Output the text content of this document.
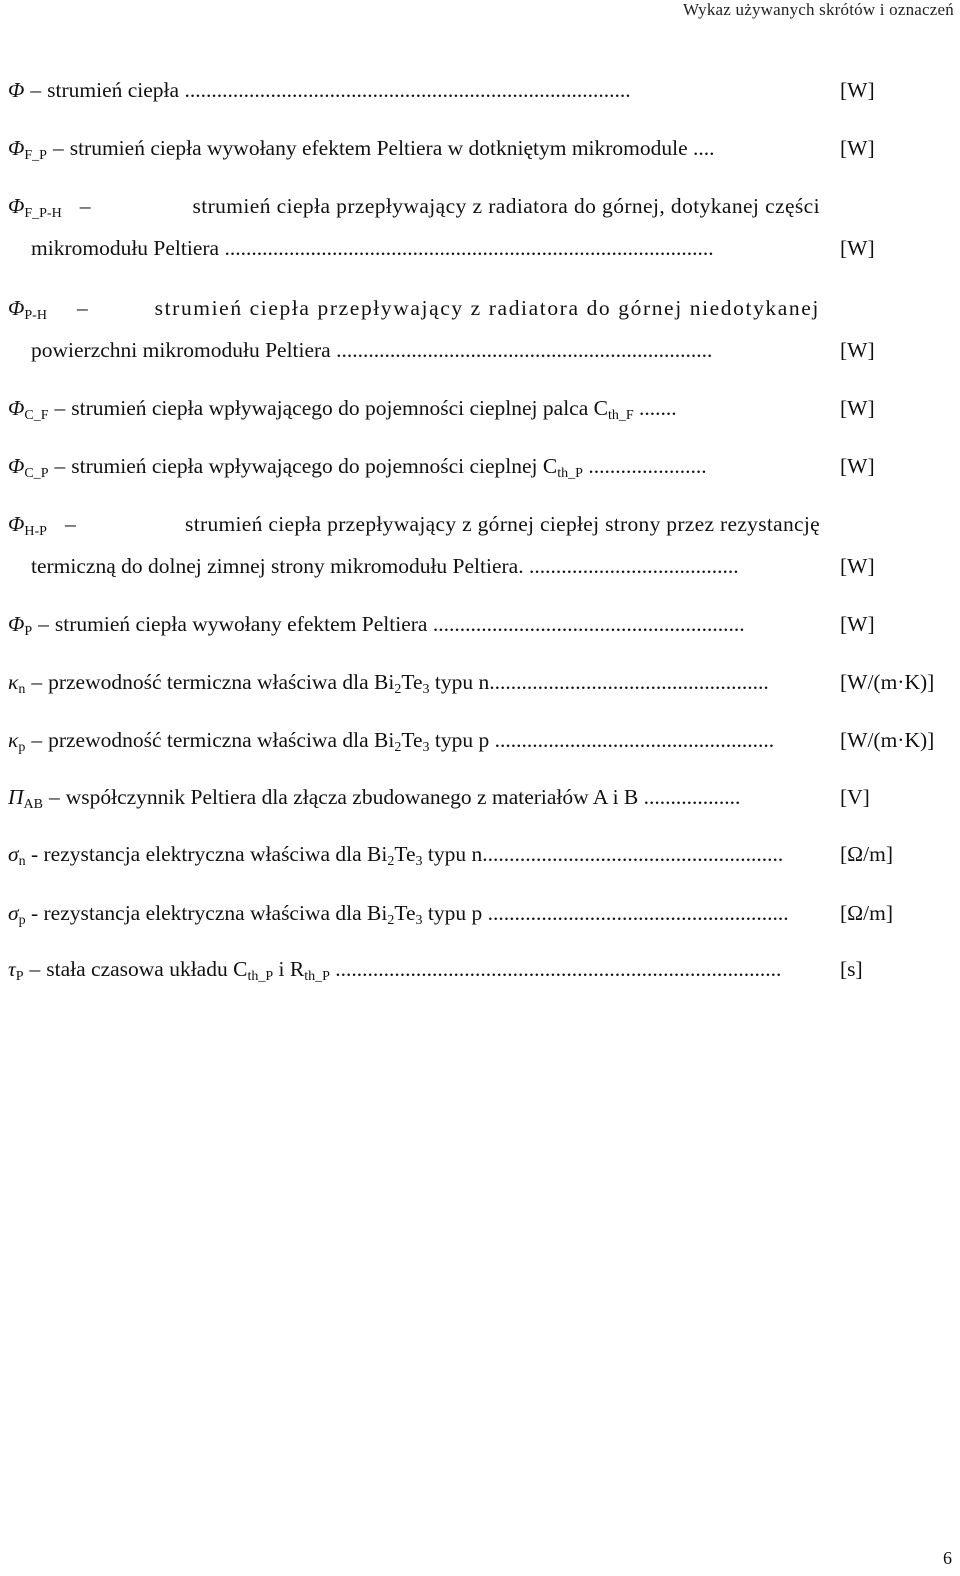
Wykaz używanych skrótów i oznaczeń
Φ – strumień ciepła ...................................................................................	[W]
$\Phi_{F\_P}$ – strumień ciepła wywołany efektem Peltiera w dotkniętym mikromodule ....	[W]
$\Phi_{F\_P-H}$ –	strumień ciepła przepływający z radiatora do górnej, dotykanej części
mikromodułu Peltiera ...........................................................................................	[W]
$\Phi_{P-H}$ –	strumień ciepła przepływający z radiatora do górnej niedotykanej
powierzchni mikromodułu Peltiera ......................................................................	[W]
$\Phi_{C\_F}$ – strumień ciepła wpływającego do pojemności cieplnej palca $C_{th\_F}$ .......	[W]
$\Phi_{C\_P}$ – strumień ciepła wpływającego do pojemności cieplnej $C_{th\_P}$ ......................	[W]
$\Phi_{H-P}$ –	strumień ciepła przepływający z górnej ciepłej strony przez rezystancję
termiczną do dolnej zimnej strony mikromodułu Peltiera. .......................................	[W]
$\Phi_P$ – strumień ciepła wywołany efektem Peltiera ..........................................................	[W]
$\kappa_n$ – przewodność termiczna właściwa dla $Bi_2Te_3$ typu n....................................................	[W/(m·K)]
$\kappa_p$ – przewodność termiczna właściwa dla $Bi_2Te_3$ typu p ....................................................	[W/(m·K)]
$\Pi_{AB}$ – współczynnik Peltiera dla złącza zbudowanego z materiałów A i B ..................	[V]
$\sigma_n$ - rezystancja elektryczna właściwa dla $Bi_2Te_3$ typu n........................................................	[Ω/m]
$\sigma_p$ - rezystancja elektryczna właściwa dla $Bi_2Te_3$ typu p ........................................................	[Ω/m]
$\tau_P$ – stała czasowa układu $C_{th\_P}$ i $R_{th\_P}$ ...................................................................................	[s]
6
